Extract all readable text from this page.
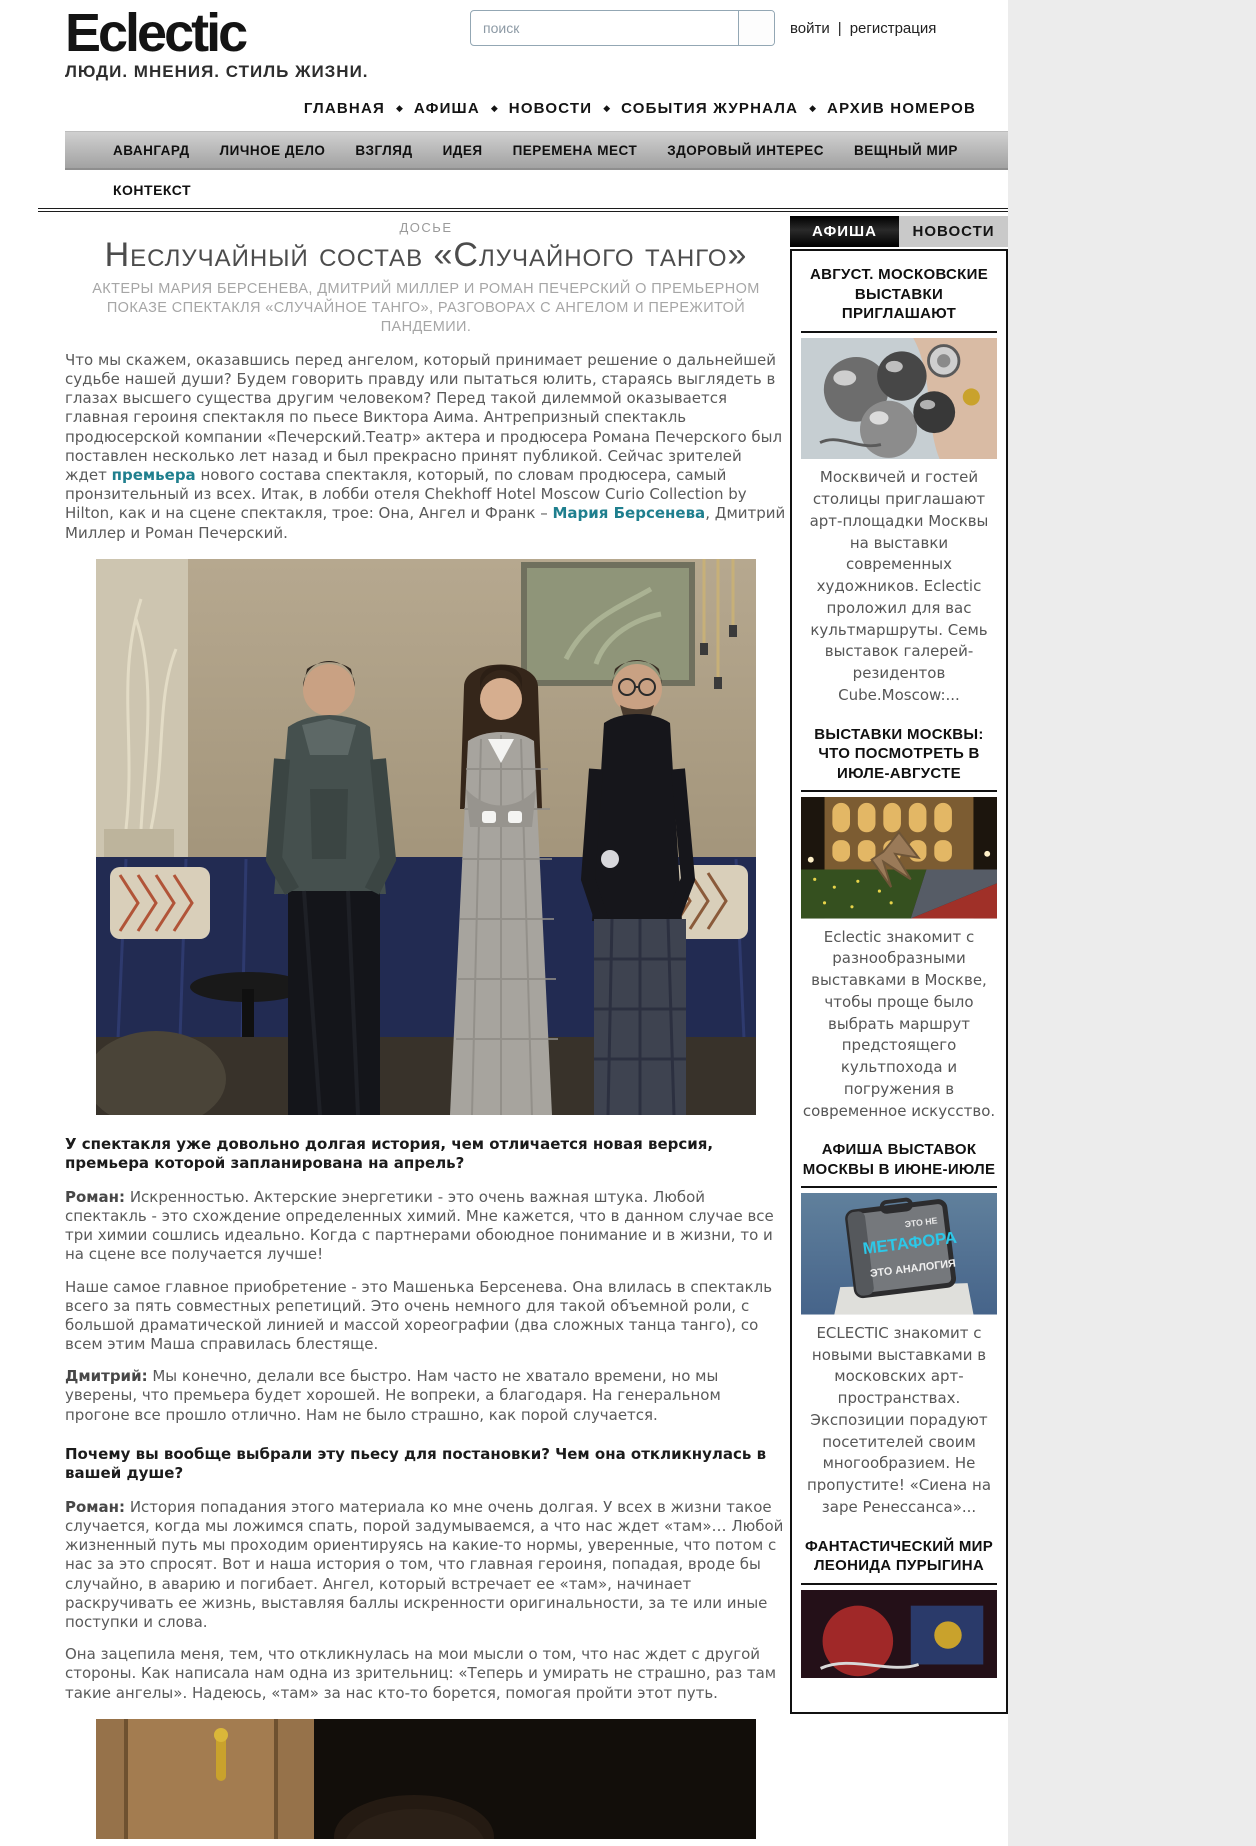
Eclectic
ЛЮДИ. МНЕНИЯ. СТИЛЬ ЖИЗНИ.
поиск
войти | регистрация
ГЛАВНАЯ ◆ АФИША ◆ НОВОСТИ ◆ СОБЫТИЯ ЖУРНАЛА ◆ АРХИВ НОМЕРОВ
АВАНГАРД ЛИЧНОЕ ДЕЛО ВЗГЛЯД ИДЕЯ ПЕРЕМЕНА МЕСТ ЗДОРОВЫЙ ИНТЕРЕС ВЕЩНЫЙ МИР
КОНТЕКСТ
ДОСЬЕ
Неслучайный состав «Случайного танго»
АКТЕРЫ МАРИЯ БЕРСЕНЕВА, ДМИТРИЙ МИЛЛЕР И РОМАН ПЕЧЕРСКИЙ О ПРЕМЬЕРНОМ ПОКАЗЕ СПЕКТАКЛЯ «СЛУЧАЙНОЕ ТАНГО», РАЗГОВОРАХ С АНГЕЛОМ И ПЕРЕЖИТОЙ ПАНДЕМИИ.

Что мы скажем, оказавшись перед ангелом, который принимает решение о дальнейшей судьбе нашей души? Будем говорить правду или пытаться юлить, стараясь выглядеть в глазах высшего существа другим человеком? Перед такой дилеммой оказывается главная героиня спектакля по пьесе Виктора Аима. Антрепризный спектакль продюсерской компании «Печерский.Театр» актера и продюсера Романа Печерского был поставлен несколько лет назад и был прекрасно принят публикой. Сейчас зрителей ждет премьера нового состава спектакля, который, по словам продюсера, самый пронзительный из всех. Итак, в лобби отеля Chekhoff Hotel Moscow Curio Collection by Hilton, как и на сцене спектакля, трое: Она, Ангел и Франк – Мария Берсенева, Дмитрий Миллер и Роман Печерский.

У спектакля уже довольно долгая история, чем отличается новая версия, премьера которой запланирована на апрель?

Роман: Искренностью. Актерские энергетики - это очень важная штука. Любой спектакль - это схождение определенных химий. Мне кажется, что в данном случае все три химии сошлись идеально. Когда с партнерами обоюдное понимание и в жизни, то и на сцене все получается лучше!

Наше самое главное приобретение - это Машенька Берсенева. Она влилась в спектакль всего за пять совместных репетиций. Это очень немного для такой объемной роли, с большой драматической линией и массой хореографии (два сложных танца танго), со всем этим Маша справилась блестяще.

Дмитрий: Мы конечно, делали все быстро. Нам часто не хватало времени, но мы уверены, что премьера будет хорошей. Не вопреки, а благодаря. На генеральном прогоне все прошло отлично. Нам не было страшно, как порой случается.

Почему вы вообще выбрали эту пьесу для постановки? Чем она откликнулась в вашей душе?

Роман: История попадания этого материала ко мне очень долгая. У всех в жизни такое случается, когда мы ложимся спать, порой задумываемся, а что нас ждет «там»… Любой жизненный путь мы проходим ориентируясь на какие-то нормы, уверенные, что потом с нас за это спросят. Вот и наша история о том, что главная героиня, попадая, вроде бы случайно, в аварию и погибает. Ангел, который встречает ее «там», начинает раскручивать ее жизнь, выставляя баллы искренности оригинальности, за те или иные поступки и слова.

Она зацепила меня, тем, что откликнулась на мои мысли о том, что нас ждет с другой стороны. Как написала нам одна из зрительниц: «Теперь и умирать не страшно, раз там такие ангелы». Надеюсь, «там» за нас кто-то борется, помогая пройти этот путь.

АФИША	НОВОСТИ
АВГУСТ. МОСКОВСКИЕ ВЫСТАВКИ ПРИГЛАШАЮТ
Москвичей и гостей столицы приглашают арт-площадки Москвы на выставки современных художников. Eclectic проложил для вас культмаршруты. Семь выставок галерей-резидентов Cube.Moscow:...
ВЫСТАВКИ МОСКВЫ: ЧТО ПОСМОТРЕТЬ В ИЮЛЕ-АВГУСТЕ
Eclectic знакомит с разнообразными выставками в Москве, чтобы проще было выбрать маршрут предстоящего культпохода и погружения в современное искусство.
АФИША ВЫСТАВОК МОСКВЫ В ИЮНЕ-ИЮЛЕ
ЭТО НЕ
МЕТАФОРА
ЭТО АНАЛОГИЯ
ECLECTIC знакомит с новыми выставками в московских арт-пространствах. Экспозиции порадуют посетителей своим многообразием. Не пропустите! «Сиена на заре Ренессанса»...
ФАНТАСТИЧЕСКИЙ МИР ЛЕОНИДА ПУРЫГИНА
